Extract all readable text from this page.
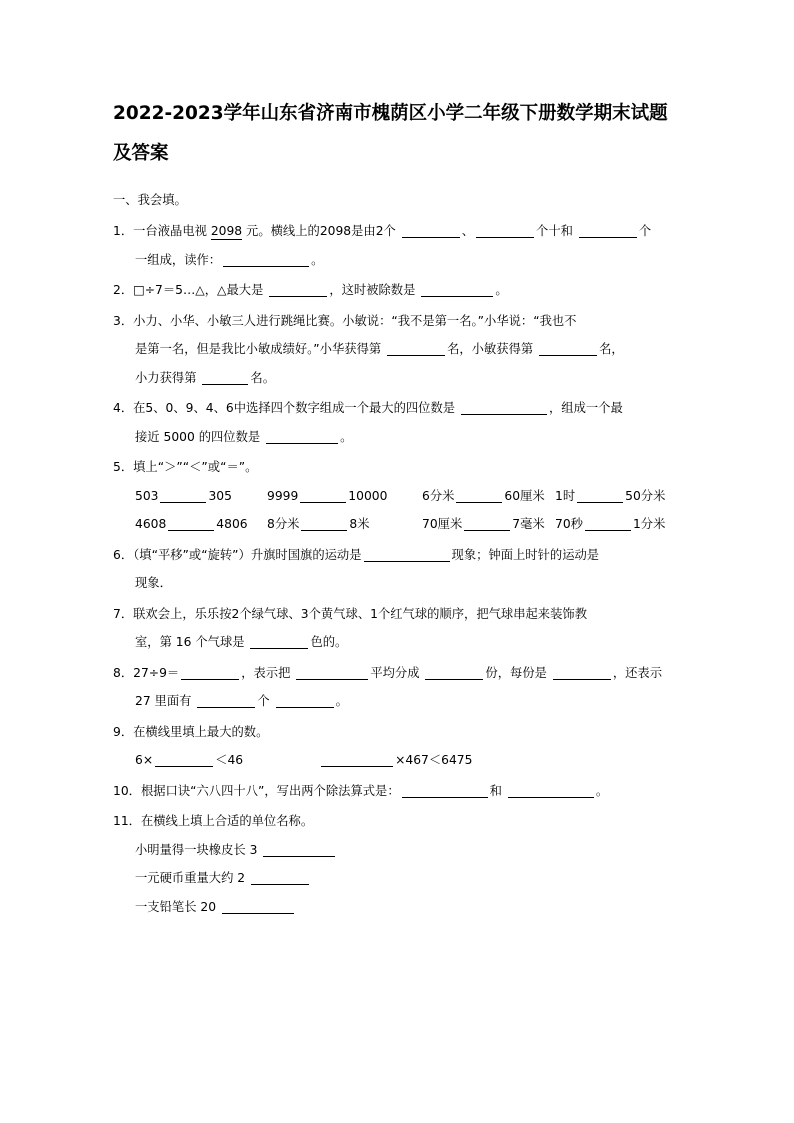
2022-2023学年山东省济南市槐荫区小学二年级下册数学期末试题及答案
一、我会填。
1．一台液晶电视 2098 元。横线上的2098是由2个	、	个十和	个
一组成，读作：	。
2．□÷7＝5…△，△最大是	，这时被除数是	。
3．小力、小华、小敏三人进行跳绳比赛。小敏说：“我不是第一名。”小华说：“我也不
是第一名，但是我比小敏成绩好。”小华获得第	名，小敏获得第	名，
小力获得第	名。
4．在5、0、9、4、6中选择四个数字组成一个最大的四位数是	，组成一个最
接近 5000 的四位数是	。
5．填上“＞”“＜”或“＝”。
503 305	9999 10000	6分米 60厘米	1时 50分米
4608 4806	8分米 8米	70厘米 7毫米	70秒 1分米
6．（填“平移”或“旋转”）升旗时国旗的运动是	现象；钟面上时针的运动是
现象．
7．联欢会上，乐乐按2个绿气球、3个黄气球、1个红气球的顺序，把气球串起来装饰教
室，第 16 个气球是	色的。
8．27÷9＝	，表示把	平均分成	份，每份是	，还表示
27 里面有	个	。
9．在横线里填上最大的数。
6×	＜46	×467＜6475
10．根据口诀“六八四十八”，写出两个除法算式是：	和	。
11．在横线上填上合适的单位名称。
小明量得一块橡皮长 3
一元硬币重量大约 2
一支铅笔长 20
